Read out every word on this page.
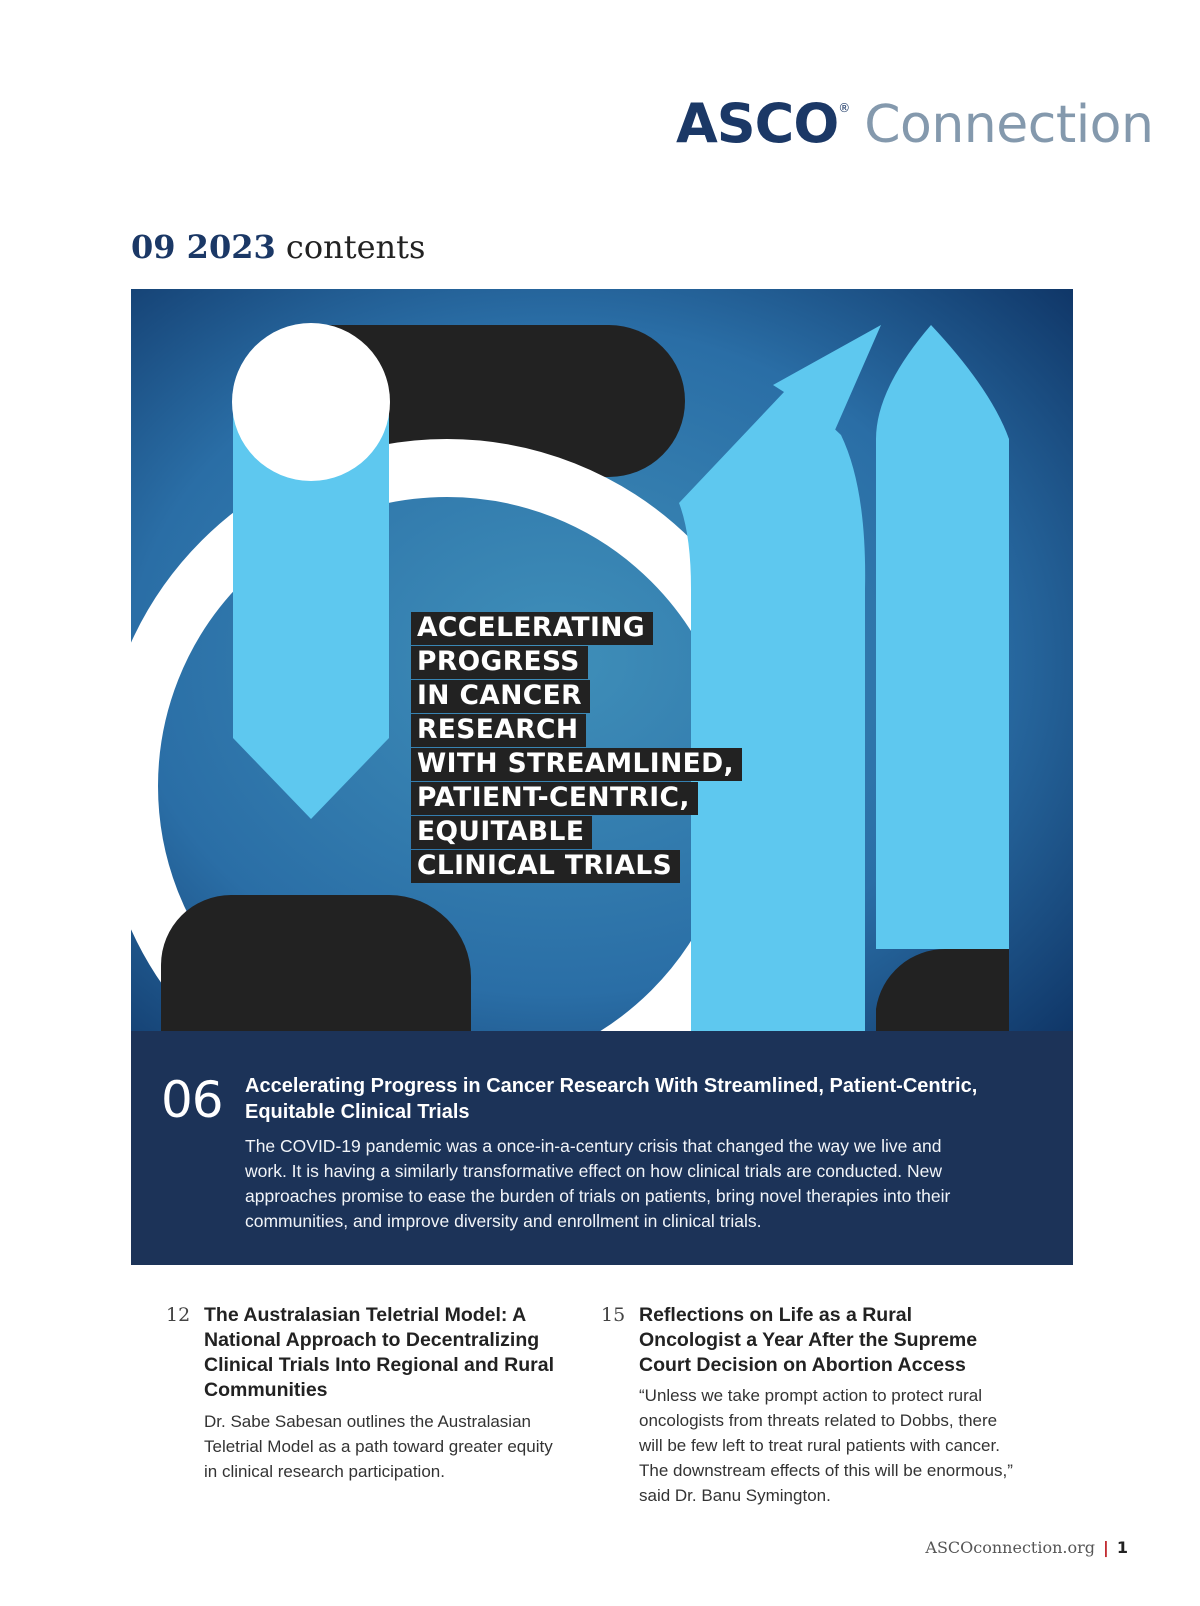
ASCO® Connection
09 2023 contents
ACCELERATING
PROGRESS
IN CANCER
RESEARCH
WITH STREAMLINED,
PATIENT-CENTRIC,
EQUITABLE
CLINICAL TRIALS
06 Accelerating Progress in Cancer Research With Streamlined, Patient-Centric, Equitable Clinical Trials

The COVID-19 pandemic was a once-in-a-century crisis that changed the way we live and work. It is having a similarly transformative effect on how clinical trials are conducted. New approaches promise to ease the burden of trials on patients, bring novel therapies into their communities, and improve diversity and enrollment in clinical trials.

12 The Australasian Teletrial Model: A National Approach to Decentralizing Clinical Trials Into Regional and Rural Communities

Dr. Sabe Sabesan outlines the Australasian Teletrial Model as a path toward greater equity in clinical research participation.

15 Reflections on Life as a Rural Oncologist a Year After the Supreme Court Decision on Abortion Access

“Unless we take prompt action to protect rural oncologists from threats related to Dobbs, there will be few left to treat rural patients with cancer. The downstream effects of this will be enormous,” said Dr. Banu Symington.

ASCOconnection.org | 1
